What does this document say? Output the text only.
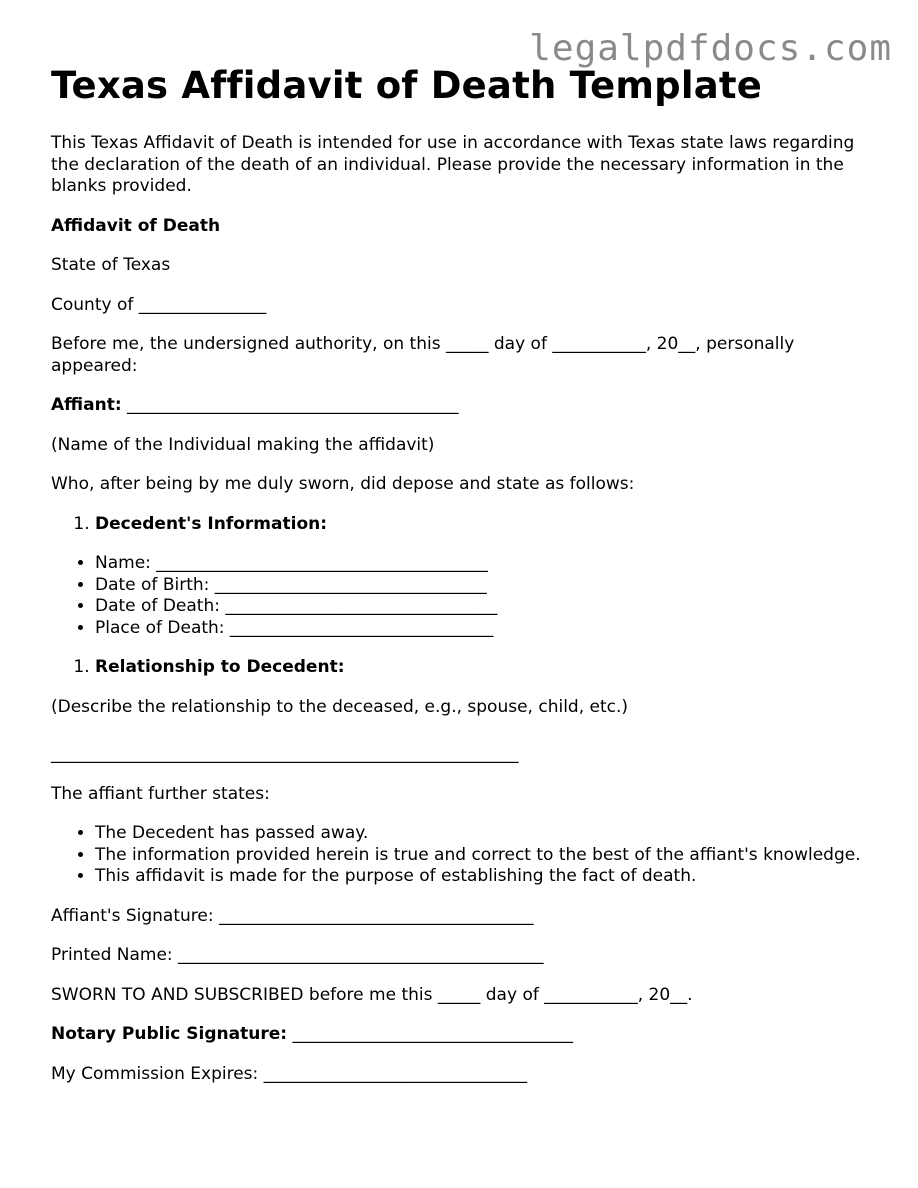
legalpdfdocs.com
Texas Affidavit of Death Template

This Texas Affidavit of Death is intended for use in accordance with Texas state laws regarding the declaration of the death of an individual. Please provide the necessary information in the blanks provided.

Affidavit of Death

State of Texas

County of _______________

Before me, the undersigned authority, on this _____ day of ___________, 20__, personally appeared:

Affiant: _______________________________________

(Name of the Individual making the affidavit)

Who, after being by me duly sworn, did depose and state as follows:

1. Decedent's Information:
• Name: _______________________________________
• Date of Birth: ________________________________
• Date of Death: ________________________________
• Place of Death: _______________________________
1. Relationship to Decedent:

(Describe the relationship to the deceased, e.g., spouse, child, etc.)

_______________________________________________________

The affiant further states:

• The Decedent has passed away.
• The information provided herein is true and correct to the best of the affiant's knowledge.
• This affidavit is made for the purpose of establishing the fact of death.

Affiant's Signature: _____________________________________

Printed Name: ___________________________________________

SWORN TO AND SUBSCRIBED before me this _____ day of ___________, 20__.

Notary Public Signature: _________________________________

My Commission Expires: _______________________________
